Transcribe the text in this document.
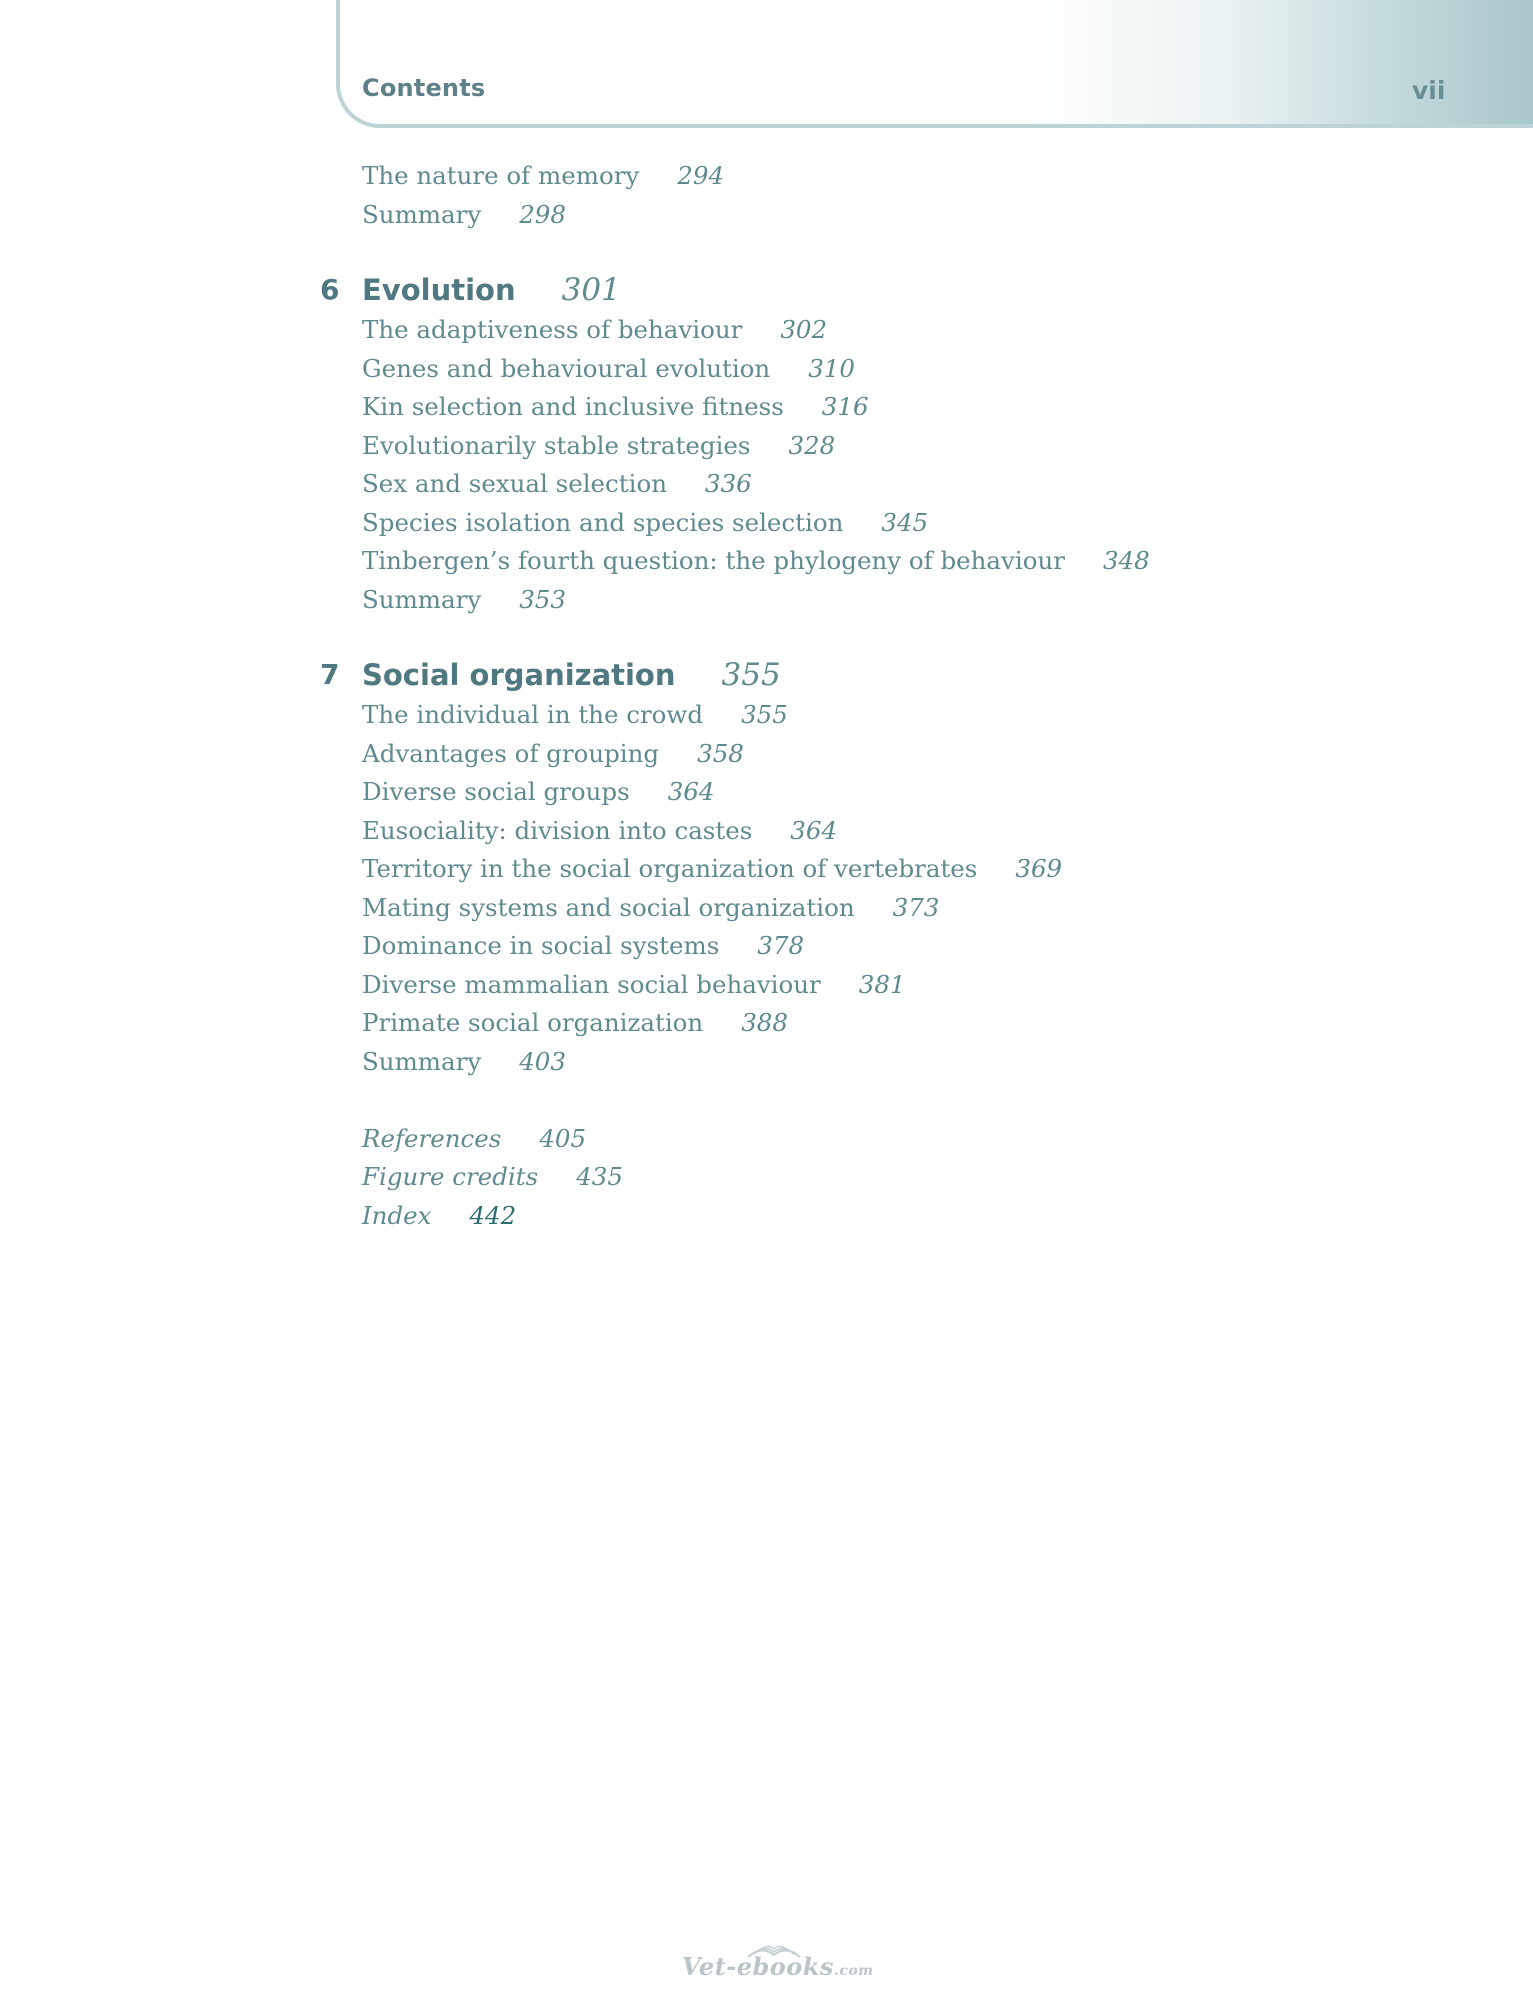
Contents	vii
The nature of memory 294
Summary 298
6 Evolution 301
The adaptiveness of behaviour 302
Genes and behavioural evolution 310
Kin selection and inclusive fitness 316
Evolutionarily stable strategies 328
Sex and sexual selection 336
Species isolation and species selection 345
Tinbergen’s fourth question: the phylogeny of behaviour 348
Summary 353
7 Social organization 355
The individual in the crowd 355
Advantages of grouping 358
Diverse social groups 364
Eusociality: division into castes 364
Territory in the social organization of vertebrates 369
Mating systems and social organization 373
Dominance in social systems 378
Diverse mammalian social behaviour 381
Primate social organization 388
Summary 403
References 405
Figure credits 435
Index 442
Vet-ebooks.com
